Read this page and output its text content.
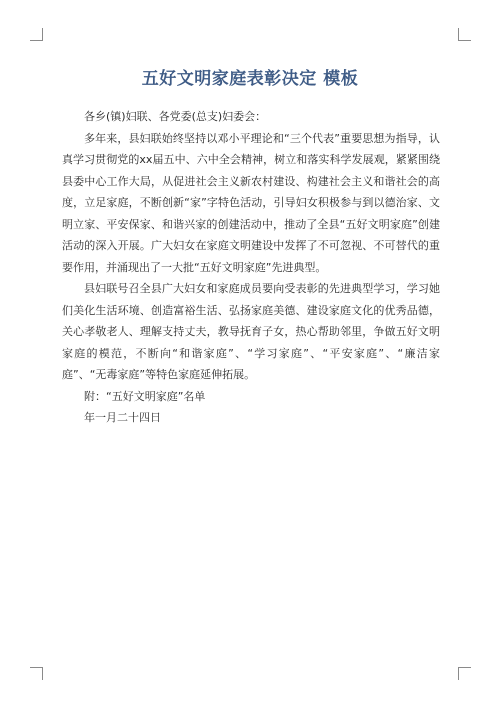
五好文明家庭表彰决定 模板

各乡(镇)妇联、各党委(总支)妇委会：

多年来，县妇联始终坚持以邓小平理论和“三个代表”重要思想为指导，认真学习贯彻党的xx届五中、六中全会精神，树立和落实科学发展观，紧紧围绕县委中心工作大局，从促进社会主义新农村建设、构建社会主义和谐社会的高度，立足家庭，不断创新“家”字特色活动，引导妇女积极参与到以德治家、文明立家、平安保家、和谐兴家的创建活动中，推动了全县“五好文明家庭”创建活动的深入开展。广大妇女在家庭文明建设中发挥了不可忽视、不可替代的重要作用，并涌现出了一大批“五好文明家庭”先进典型。

县妇联号召全县广大妇女和家庭成员要向受表彰的先进典型学习，学习她们美化生活环境、创造富裕生活、弘扬家庭美德、建设家庭文化的优秀品德，关心孝敬老人、理解支持丈夫，教导抚育子女，热心帮助邻里，争做五好文明家庭的模范，不断向“和谐家庭”、“学习家庭”、“平安家庭”、“廉洁家庭”、“无毒家庭”等特色家庭延伸拓展。

附：“五好文明家庭”名单

年一月二十四日
